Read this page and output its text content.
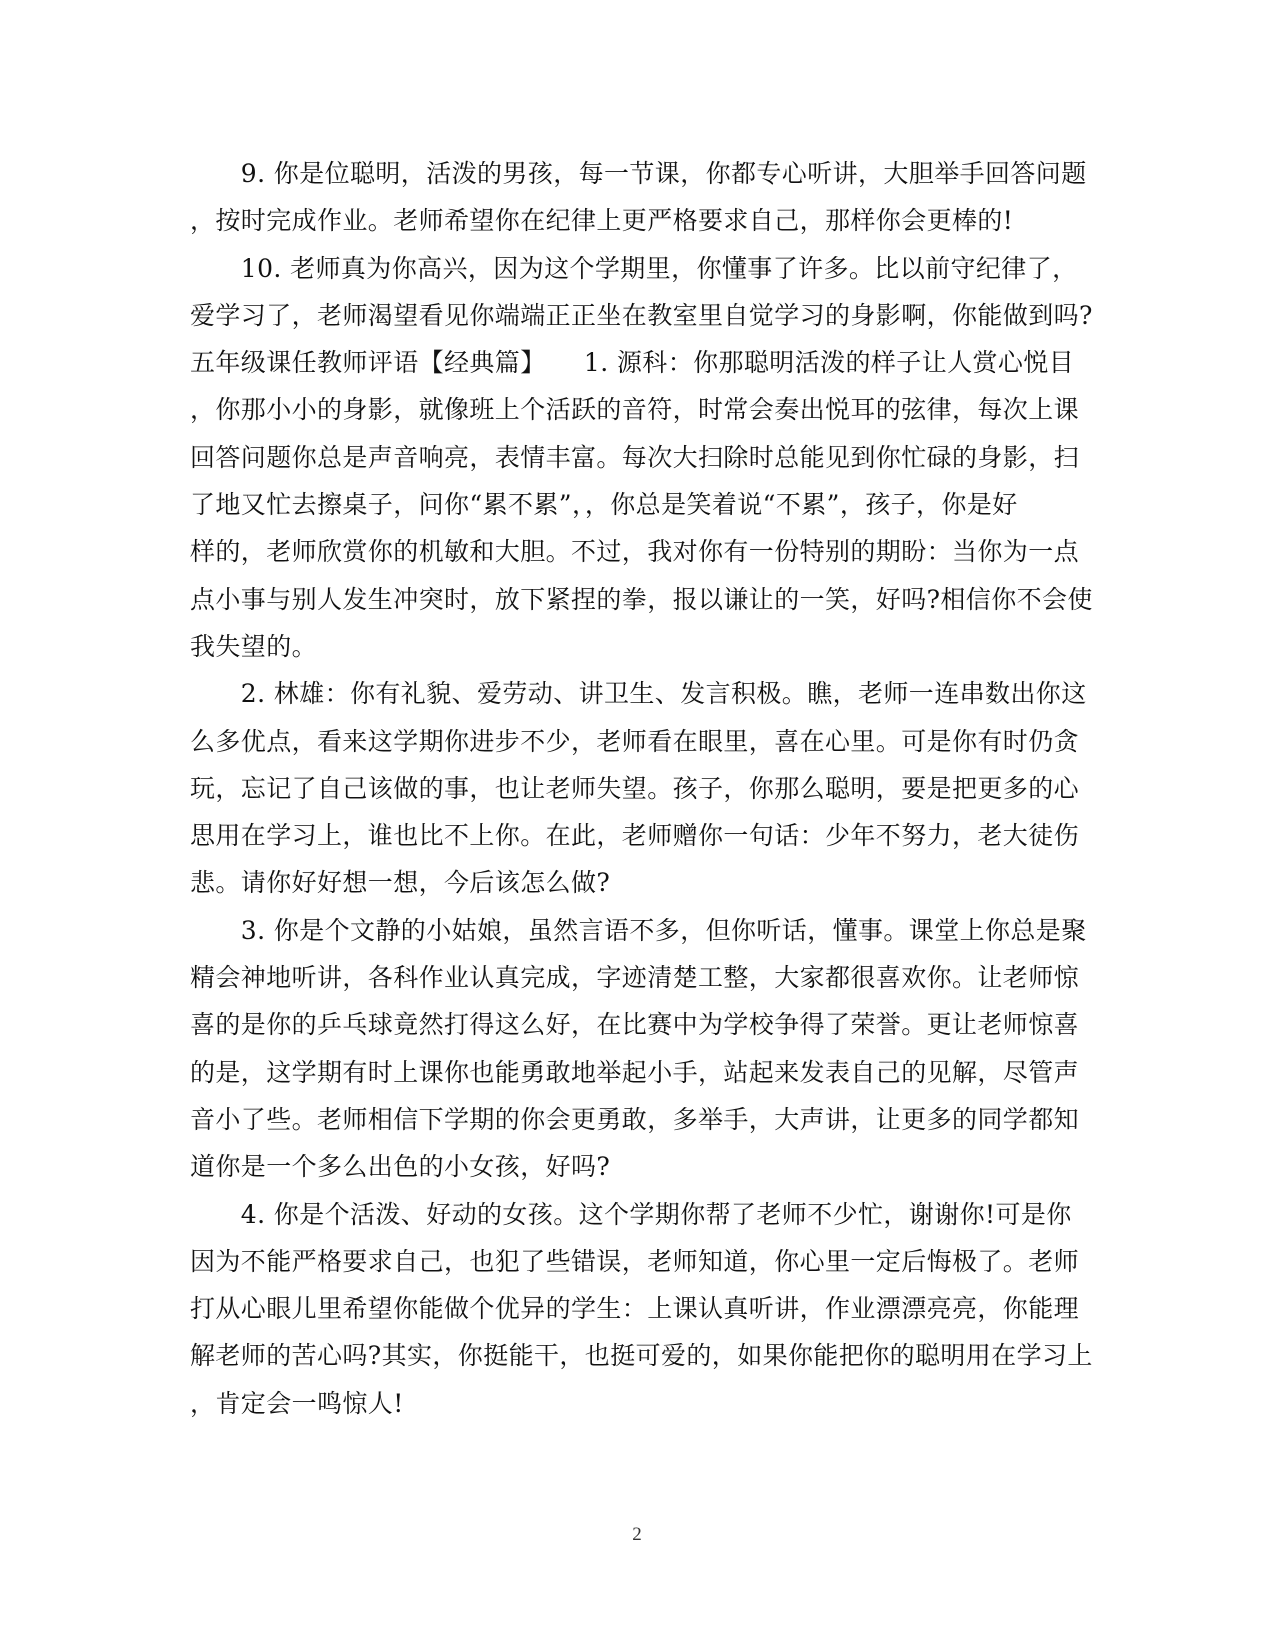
　　9. 你是位聪明，活泼的男孩，每一节课，你都专心听讲，大胆举手回答问题
，按时完成作业。老师希望你在纪律上更严格要求自己，那样你会更棒的!
　　10. 老师真为你高兴，因为这个学期里，你懂事了许多。比以前守纪律了，
爱学习了，老师渴望看见你端端正正坐在教室里自觉学习的身影啊，你能做到吗?
五年级课任教师评语【经典篇】　　1. 源科：你那聪明活泼的样子让人赏心悦目
，你那小小的身影，就像班上个活跃的音符，时常会奏出悦耳的弦律，每次上课
回答问题你总是声音响亮，表情丰富。每次大扫除时总能见到你忙碌的身影，扫
了地又忙去擦桌子，问你“累不累”，，你总是笑着说“不累”，孩子，你是好
样的，老师欣赏你的机敏和大胆。不过，我对你有一份特别的期盼：当你为一点
点小事与别人发生冲突时，放下紧捏的拳，报以谦让的一笑，好吗?相信你不会使
我失望的。
　　2. 林雄：你有礼貌、爱劳动、讲卫生、发言积极。瞧，老师一连串数出你这
么多优点，看来这学期你进步不少，老师看在眼里，喜在心里。可是你有时仍贪
玩，忘记了自己该做的事，也让老师失望。孩子，你那么聪明，要是把更多的心
思用在学习上，谁也比不上你。在此，老师赠你一句话：少年不努力，老大徒伤
悲。请你好好想一想，今后该怎么做?
　　3. 你是个文静的小姑娘，虽然言语不多，但你听话，懂事。课堂上你总是聚
精会神地听讲，各科作业认真完成，字迹清楚工整，大家都很喜欢你。让老师惊
喜的是你的乒乓球竟然打得这么好，在比赛中为学校争得了荣誉。更让老师惊喜
的是，这学期有时上课你也能勇敢地举起小手，站起来发表自己的见解，尽管声
音小了些。老师相信下学期的你会更勇敢，多举手，大声讲，让更多的同学都知
道你是一个多么出色的小女孩，好吗?
　　4. 你是个活泼、好动的女孩。这个学期你帮了老师不少忙，谢谢你!可是你
因为不能严格要求自己，也犯了些错误，老师知道，你心里一定后悔极了。老师
打从心眼儿里希望你能做个优异的学生：上课认真听讲，作业漂漂亮亮，你能理
解老师的苦心吗?其实，你挺能干，也挺可爱的，如果你能把你的聪明用在学习上
，肯定会一鸣惊人!
2
